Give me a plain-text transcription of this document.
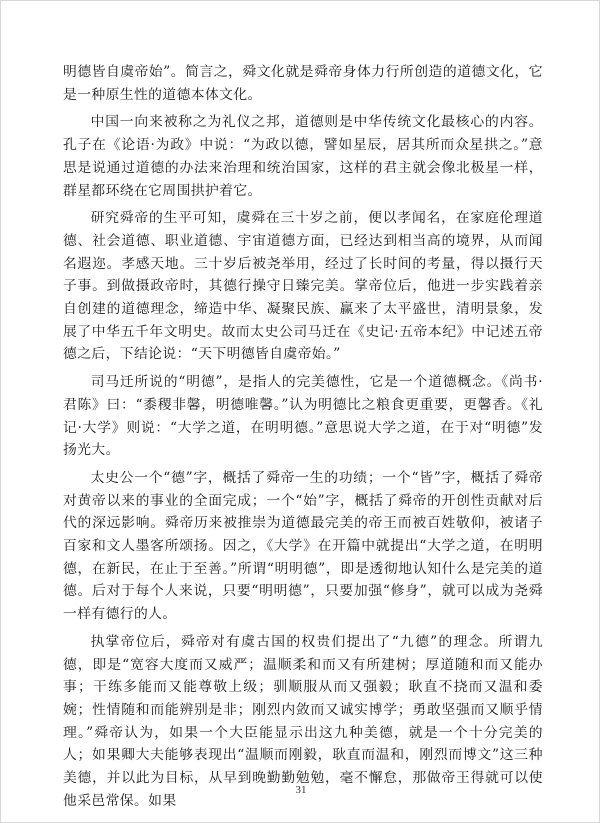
明德皆自虞帝始”。简言之，舜文化就是舜帝身体力行所创造的道德文化，它是一种原生性的道德本体文化。

中国一向来被称之为礼仪之邦，道德则是中华传统文化最核心的内容。孔子在《论语·为政》中说：“为政以德，譬如星辰，居其所而众星拱之。”意思是说通过道德的办法来治理和统治国家，这样的君主就会像北极星一样，群星都环绕在它周围拱护着它。

研究舜帝的生平可知，虞舜在三十岁之前，便以孝闻名，在家庭伦理道德、社会道德、职业道德、宇宙道德方面，已经达到相当高的境界，从而闻名遐迩。孝感天地。三十岁后被尧举用，经过了长时间的考量，得以摄行天子事。到做摄政帝时，其德行操守日臻完美。掌帝位后，他进一步实践着亲自创建的道德理念，缔造中华、凝聚民族、赢来了太平盛世，清明景象，发展了中华五千年文明史。故而太史公司马迁在《史记·五帝本纪》中记述五帝德之后，下结论说：“天下明德皆自虞帝始。”

司马迁所说的“明德”，是指人的完美德性，它是一个道德概念。《尚书·君陈》曰：“黍稷非馨，明德唯馨。”认为明德比之粮食更重要，更馨香。《礼记·大学》则说：“大学之道，在明明德。”意思说大学之道，在于对“明德”发扬光大。

太史公一个“德”字，概括了舜帝一生的功绩；一个“皆”字，概括了舜帝对黄帝以来的事业的全面完成；一个“始”字，概括了舜帝的开创性贡献对后代的深远影响。舜帝历来被推崇为道德最完美的帝王而被百姓敬仰，被诸子百家和文人墨客所颂扬。因之，《大学》在开篇中就提出“大学之道，在明明德，在新民，在止于至善。”所谓“明明德”，即是透彻地认知什么是完美的道德。后对于每个人来说，只要“明明德”，只要加强“修身”，就可以成为尧舜一样有德行的人。

执掌帝位后，舜帝对有虞古国的权贵们提出了“九德”的理念。所谓九德，即是“宽容大度而又威严；温顺柔和而又有所建树；厚道随和而又能办事；干练多能而又能尊敬上级；驯顺服从而又强毅；耿直不挠而又温和委婉；性情随和而能辨别是非；刚烈内敛而又诚实博学；勇敢坚强而又顺乎情理。”舜帝认为，如果一个大臣能显示出这九种美德，就是一个十分完美的人；如果卿大夫能够表现出“温顺而刚毅，耿直而温和，刚烈而博文”这三种美德，并以此为目标，从早到晚勤勤勉勉，毫不懈怠，那做帝王得就可以使他采邑常保。如果

31
